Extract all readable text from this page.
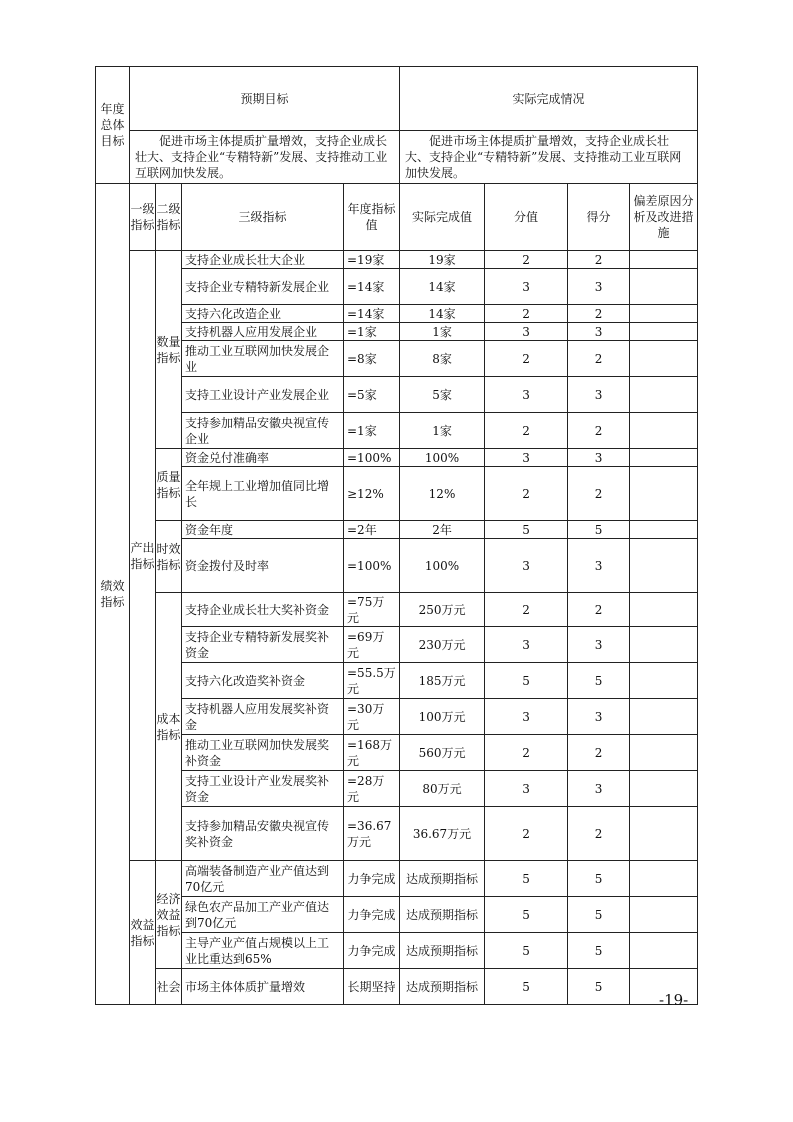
年度总体目标	预期目标				实际完成情况			
	促进市场主体提质扩量增效，支持企业成长壮大、支持企业“专精特新”发展、支持推动工业互联网加快发展。				促进市场主体提质扩量增效，支持企业成长壮大、支持企业“专精特新”发展、支持推动工业互联网加快发展。			
绩效指标	一级指标	二级指标	三级指标	年度指标值	实际完成值	分值	得分	偏差原因分析及改进措施
	产出指标	数量指标	支持企业成长壮大企业	=19家	19家	2	2	
			支持企业专精特新发展企业	=14家	14家	3	3	
			支持六化改造企业	=14家	14家	2	2	
			支持机器人应用发展企业	=1家	1家	3	3	
			推动工业互联网加快发展企业	=8家	8家	2	2	
			支持工业设计产业发展企业	=5家	5家	3	3	
			支持参加精品安徽央视宣传企业	=1家	1家	2	2	
		质量指标	资金兑付准确率	=100%	100%	3	3	
			全年规上工业增加值同比增长	≥12%	12%	2	2	
		时效指标	资金年度	=2年	2年	5	5	
			资金拨付及时率	=100%	100%	3	3	
		成本指标	支持企业成长壮大奖补资金	=75万元	250万元	2	2	
			支持企业专精特新发展奖补资金	=69万元	230万元	3	3	
			支持六化改造奖补资金	=55.5万元	185万元	5	5	
			支持机器人应用发展奖补资金	=30万元	100万元	3	3	
			推动工业互联网加快发展奖补资金	=168万元	560万元	2	2	
			支持工业设计产业发展奖补资金	=28万元	80万元	3	3	
			支持参加精品安徽央视宣传奖补资金	=36.67万元	36.67万元	2	2	
	效益指标	经济效益指标	高端装备制造产业产值达到70亿元	力争完成	达成预期指标	5	5	
			绿色农产品加工产业产值达到70亿元	力争完成	达成预期指标	5	5	
			主导产业产值占规模以上工业比重达到65%	力争完成	达成预期指标	5	5	
		社会	市场主体体质扩量增效	长期坚持	达成预期指标	5	5	
-19-
